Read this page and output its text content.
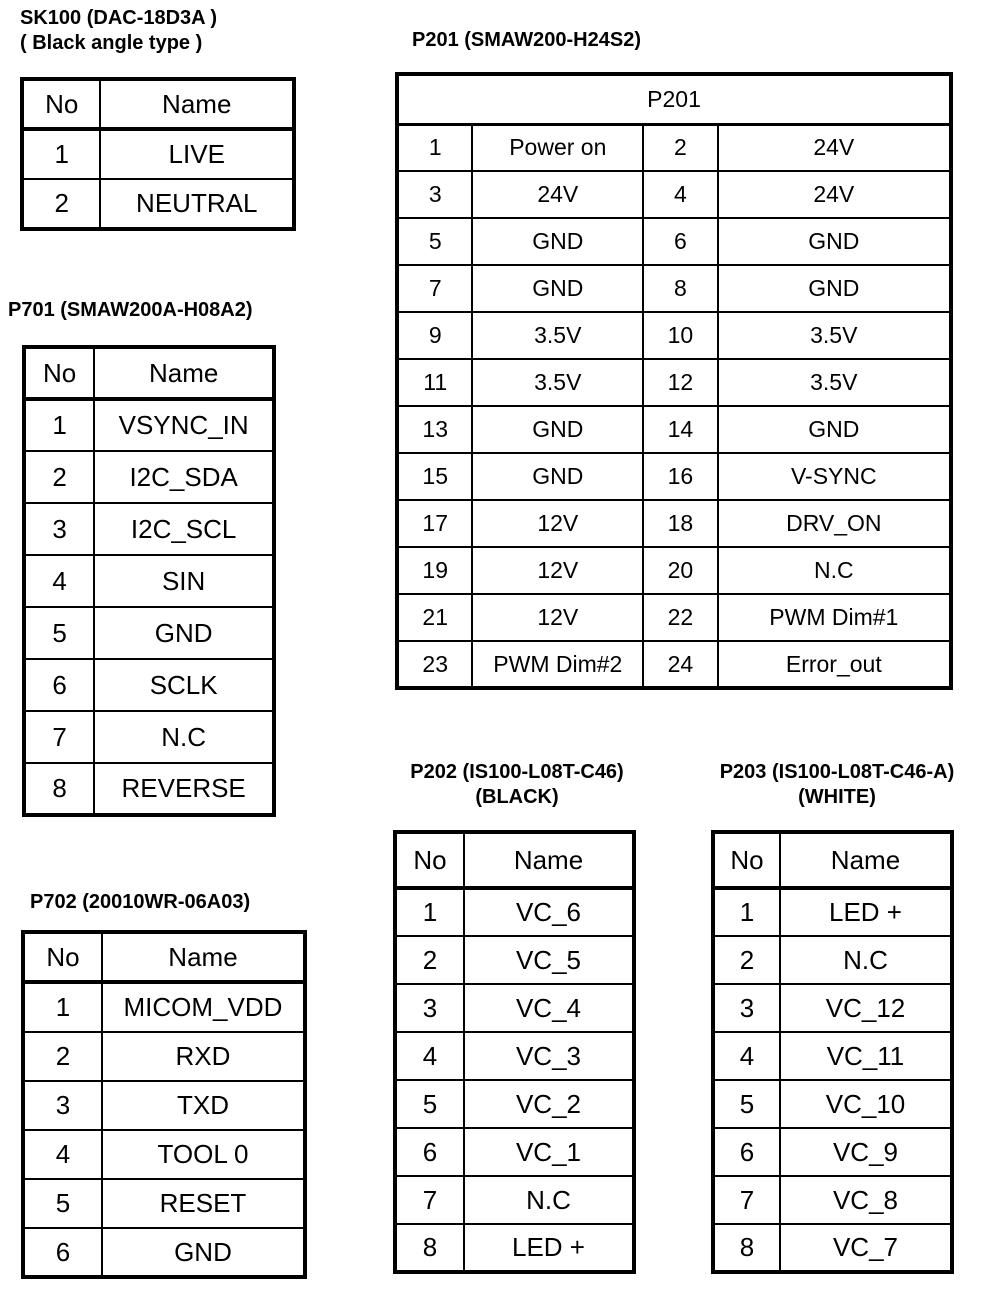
SK100 (DAC-18D3A )
( Black angle type )
No	Name
1	LIVE
2	NEUTRAL
P701 (SMAW200A-H08A2)
No	Name
1	VSYNC_IN
2	I2C_SDA
3	I2C_SCL
4	SIN
5	GND
6	SCLK
7	N.C
8	REVERSE
P702 (20010WR-06A03)
No	Name
1	MICOM_VDD
2	RXD
3	TXD
4	TOOL 0
5	RESET
6	GND
P201 (SMAW200-H24S2)
P201			
1	Power on	2	24V
3	24V	4	24V
5	GND	6	GND
7	GND	8	GND
9	3.5V	10	3.5V
11	3.5V	12	3.5V
13	GND	14	GND
15	GND	16	V-SYNC
17	12V	18	DRV_ON
19	12V	20	N.C
21	12V	22	PWM Dim#1
23	PWM Dim#2	24	Error_out
P202 (IS100-L08T-C46)
(BLACK)
No	Name
1	VC_6
2	VC_5
3	VC_4
4	VC_3
5	VC_2
6	VC_1
7	N.C
8	LED +
P203 (IS100-L08T-C46-A)
(WHITE)
No	Name
1	LED +
2	N.C
3	VC_12
4	VC_11
5	VC_10
6	VC_9
7	VC_8
8	VC_7
